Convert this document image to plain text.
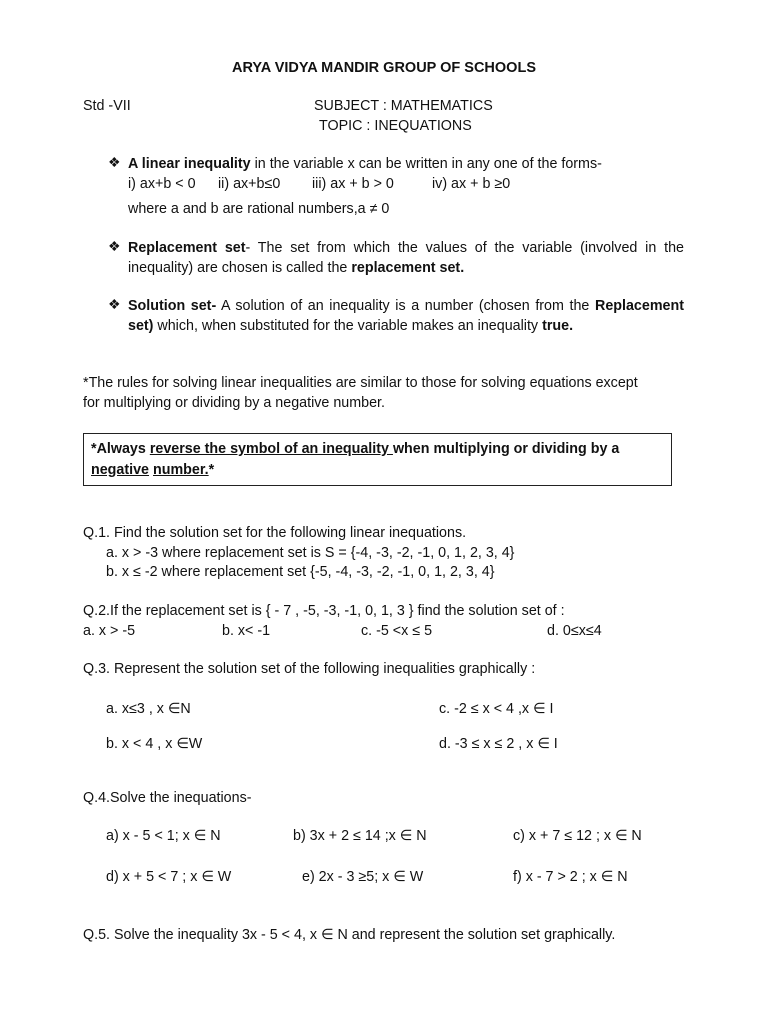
ARYA VIDYA MANDIR GROUP OF SCHOOLS
Std -VII	SUBJECT : MATHEMATICS
TOPIC : INEQUATIONS
❖ A linear inequality in the variable x can be written in any one of the forms-
i) ax+b < 0 ii) ax+b≤0 iii) ax + b > 0	iv) ax + b ≥0
where a and b are rational numbers,a ≠ 0
❖ Replacement set- The set from which the values of the variable (involved in the inequality) are chosen is called the replacement set.
❖ Solution set- A solution of an inequality is a number (chosen from the Replacement set) which, when substituted for the variable makes an inequality true.
*The rules for solving linear inequalities are similar to those for solving equations except
for multiplying or dividing by a negative number.
*Always reverse the symbol of an inequality when multiplying or dividing by a
negative number.*
Q.1. Find the solution set for the following linear inequations.
a. x > -3 where replacement set is S = {-4, -3, -2, -1, 0, 1, 2, 3, 4}
b. x ≤ -2 where replacement set {-5, -4, -3, -2, -1, 0, 1, 2, 3, 4}
Q.2.If the replacement set is { - 7 , -5, -3, -1, 0, 1, 3 } find the solution set of :
a. x > -5	b. x< -1	c. -5 <x ≤ 5	d. 0≤x≤4
Q.3. Represent the solution set of the following inequalities graphically :
a. x≤3 , x ∈N	c. -2 ≤ x < 4 ,x ∈ I
b. x < 4 , x ∈W	d. -3 ≤ x ≤ 2 , x ∈ I
Q.4.Solve the inequations-
a) x - 5 < 1; x ∈ N	b) 3x + 2 ≤ 14 ;x ∈ N	c) x + 7 ≤ 12 ; x ∈ N
d) x + 5 < 7 ; x ∈ W	e) 2x - 3 ≥5; x ∈ W	f) x - 7 > 2 ; x ∈ N
Q.5. Solve the inequality 3x - 5 < 4, x ∈ N and represent the solution set graphically.
